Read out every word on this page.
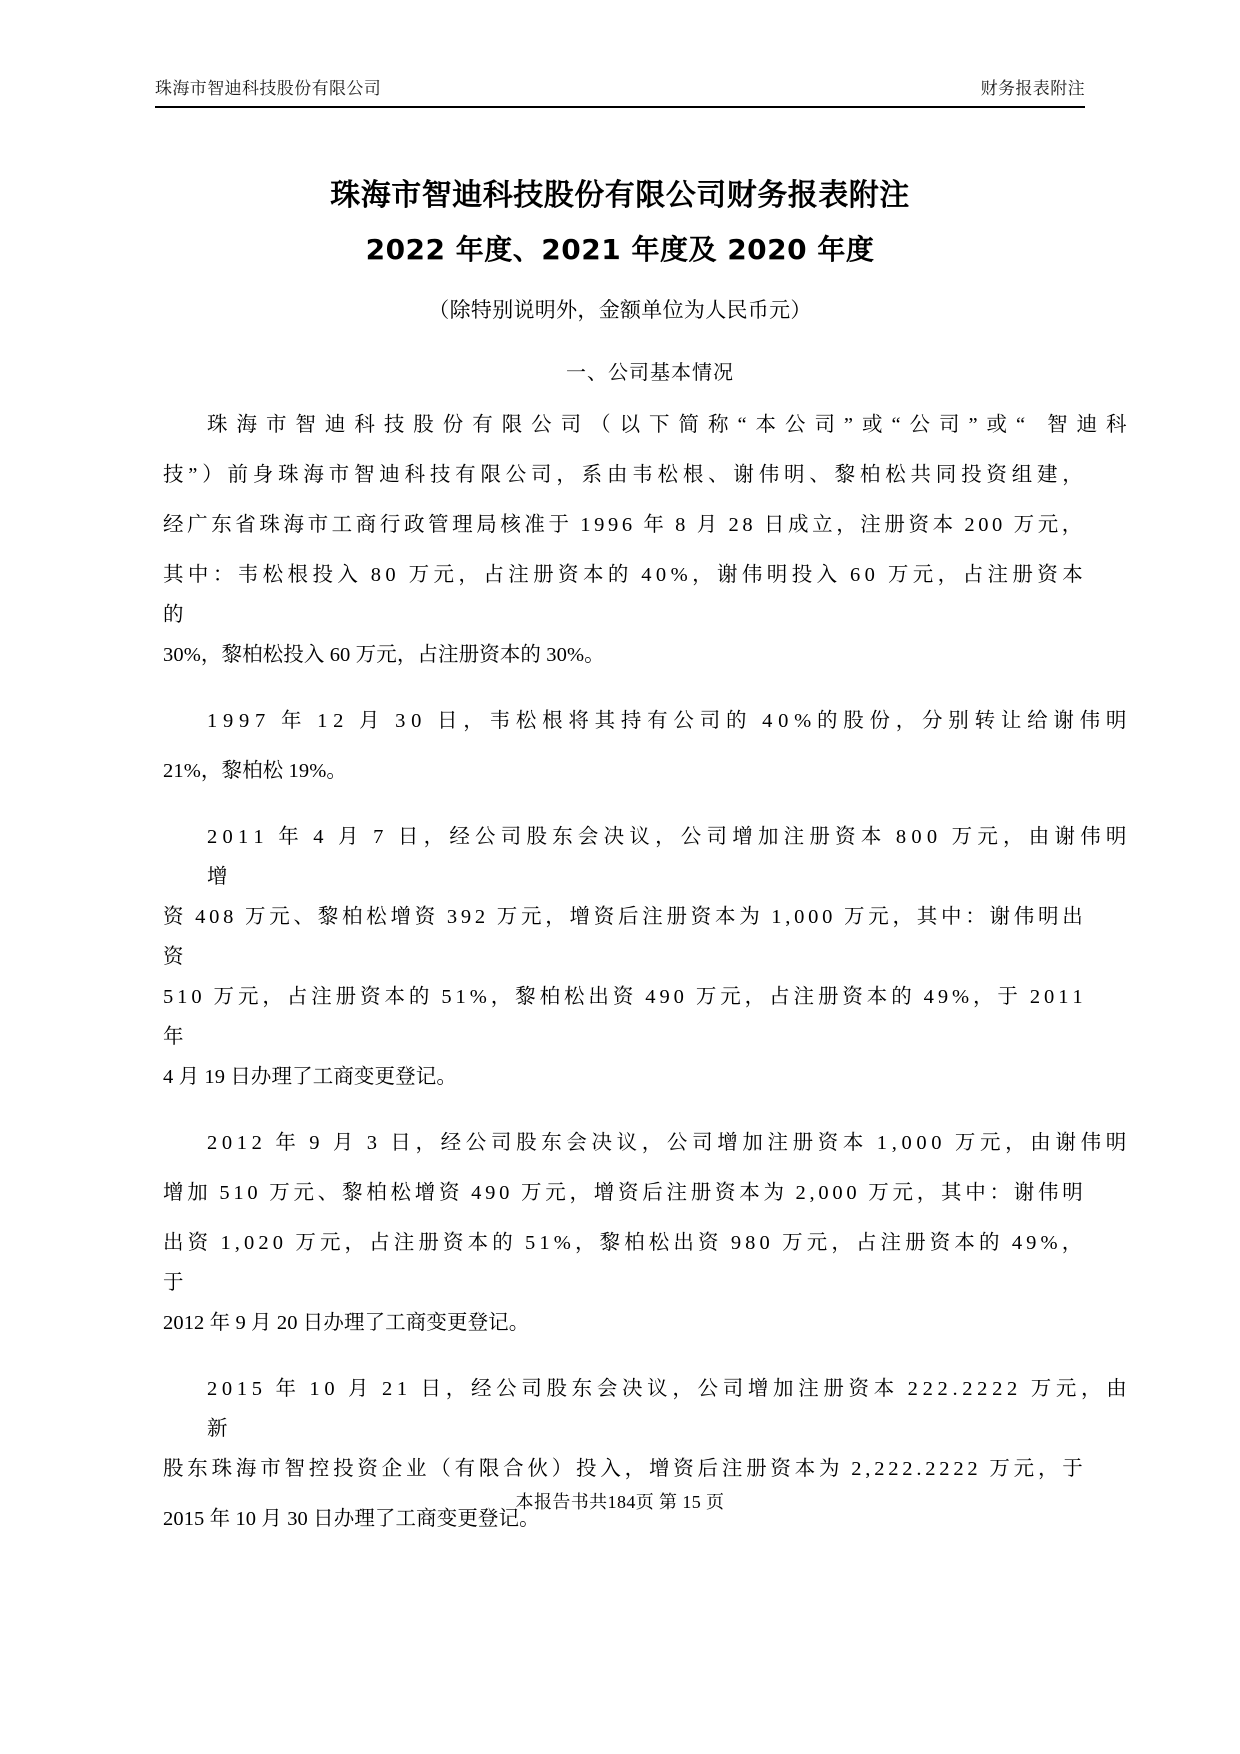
珠海市智迪科技股份有限公司	财务报表附注
珠海市智迪科技股份有限公司财务报表附注
2022 年度、2021 年度及 2020 年度
（除特别说明外，金额单位为人民币元）
一、公司基本情况
珠 海 市 智 迪 科 技 股 份 有 限 公 司 （ 以 下 简 称 “ 本 公 司 ” 或 “ 公 司 ” 或 “
  智 迪 科
技 ” ） 前 身 珠 海 市 智 迪 科 技 有 限 公 司 ， 系 由 韦 松 根 、 谢 伟 明 、 黎 柏 松 共 同 投 资 组 建 ，
经 广 东 省 珠 海 市 工 商 行 政 管 理 局 核 准 于
  1 9 9 6
  年
  8
  月
  2 8
  日 成 立 ， 注 册 资 本
  2 0 0
  万 元 ，
其 中 ： 韦 松 根 投 入
  8 0
  万 元 ， 占 注 册 资 本 的
  4 0 % ， 谢 伟 明 投 入
  6 0
  万 元 ， 占 注 册 资 本
的
30%，黎柏松投入 60 万元，占注册资本的 30%。
1 9 9 7
  年
  1 2
  月
  3 0
  日 ， 韦 松 根 将 其 持 有 公 司 的
  4 0 % 的 股 份 ， 分 别 转 让 给 谢 伟 明
21%，黎柏松 19%。
2 0 1 1
  年
  4
  月
  7
  日 ， 经 公 司 股 东 会 决 议 ， 公 司 增 加 注 册 资 本
  8 0 0
  万 元 ， 由 谢 伟 明
增
资
  4 0 8
  万 元 、 黎 柏 松 增 资
  3 9 2
  万 元 ， 增 资 后 注 册 资 本 为
  1 , 0 0 0
  万 元 ， 其 中 ： 谢 伟 明 出
资
5 1 0
  万 元 ， 占 注 册 资 本 的
  5 1 % ， 黎 柏 松 出 资
  4 9 0
  万 元 ， 占 注 册 资 本 的
  4 9 % ， 于
  2 0 1 1
年
4 月 19 日办理了工商变更登记。
2 0 1 2
  年
  9
  月
  3
  日 ， 经 公 司 股 东 会 决 议 ， 公 司 增 加 注 册 资 本
  1 , 0 0 0
  万 元 ， 由 谢 伟 明
增 加
  5 1 0
  万 元 、 黎 柏 松 增 资
  4 9 0
  万 元 ， 增 资 后 注 册 资 本 为
  2 , 0 0 0
  万 元 ， 其 中 ： 谢 伟 明
出 资
  1 , 0 2 0
  万 元 ， 占 注 册 资 本 的
  5 1 % ， 黎 柏 松 出 资
  9 8 0
  万 元 ， 占 注 册 资 本 的
  4 9 % ，
于
2012 年 9 月 20 日办理了工商变更登记。
2 0 1 5
  年
  1 0
  月
  2 1
  日 ， 经 公 司 股 东 会 决 议 ， 公 司 增 加 注 册 资 本
  2 2 2 . 2 2 2 2
  万 元 ， 由
新
股 东 珠 海 市 智 控 投 资 企 业 （ 有 限 合 伙 ） 投 入 ， 增 资 后 注 册 资 本 为
  2 , 2 2 2 . 2 2 2 2
  万 元 ， 于
2015 年 10 月 30 日办理了工商变更登记。
本报告书共184页 第 15 页
